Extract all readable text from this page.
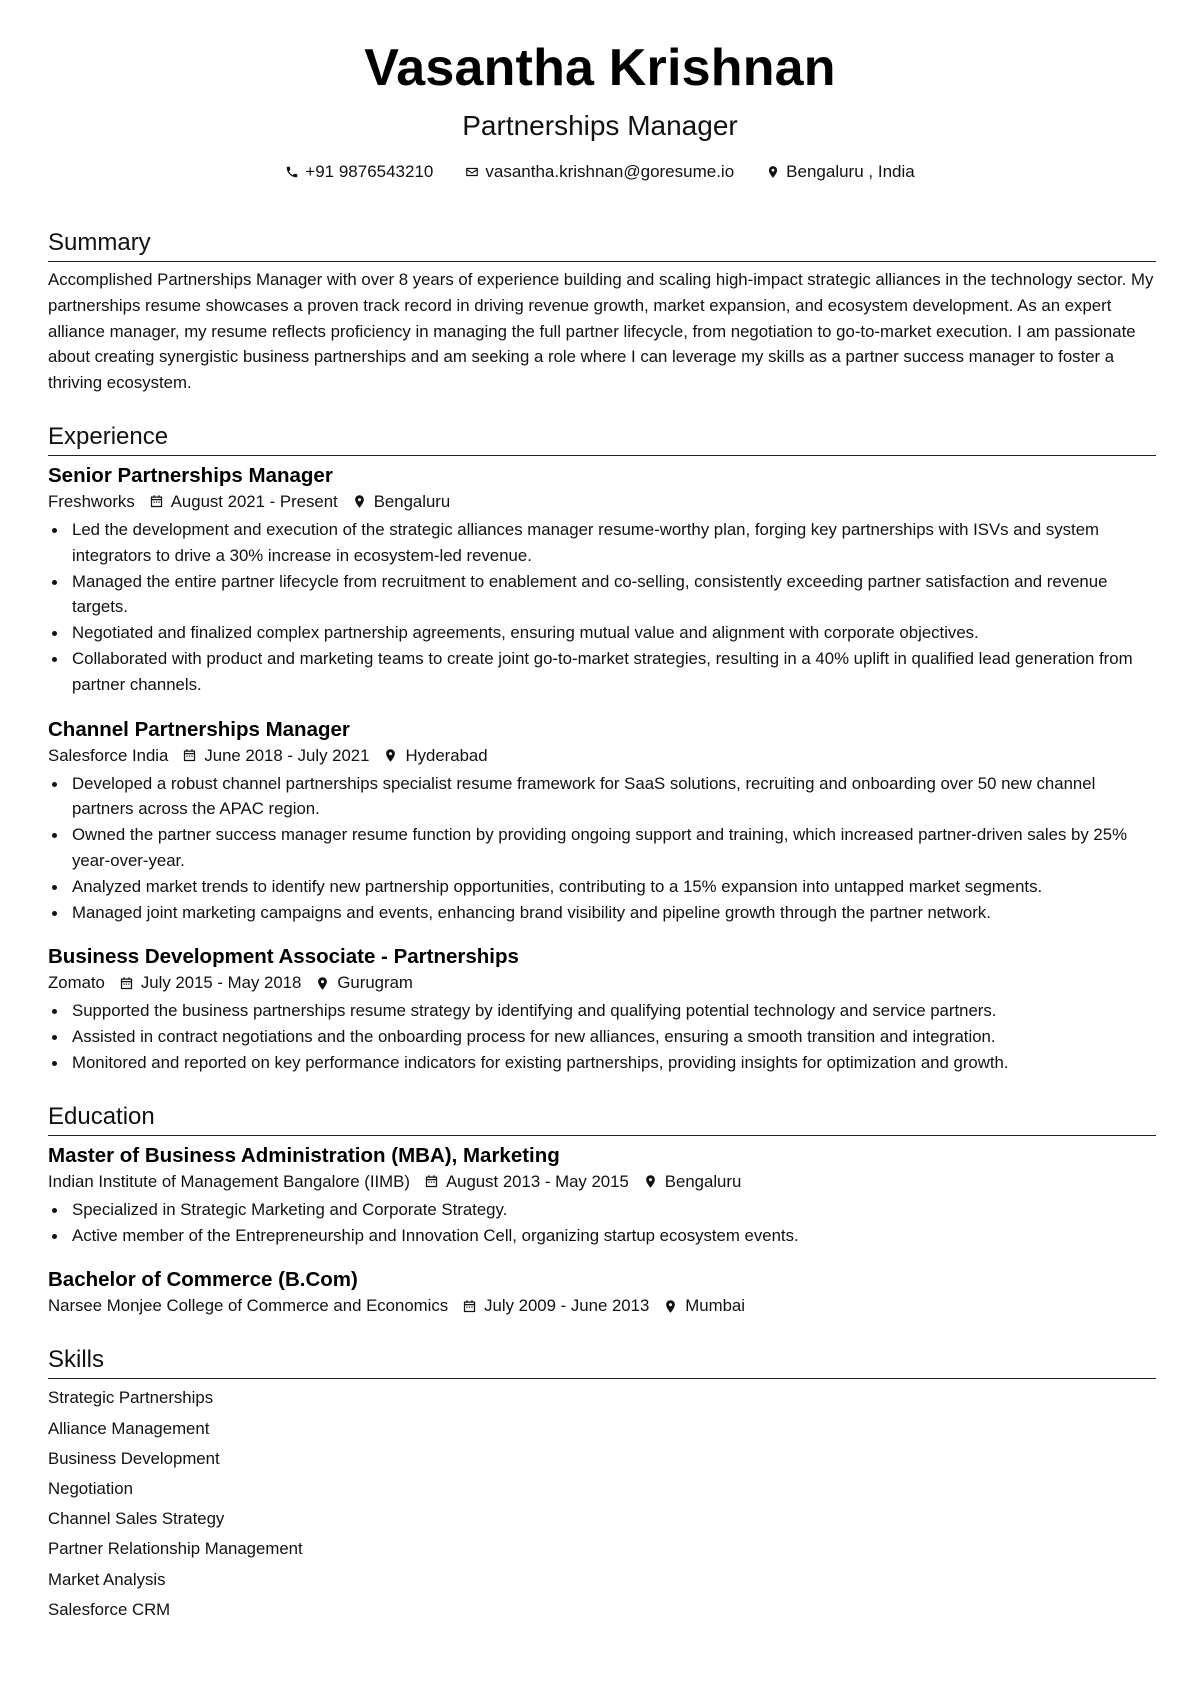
Vasantha Krishnan
Partnerships Manager
+91 9876543210	vasantha.krishnan@goresume.io	Bengaluru , India
Summary
Accomplished Partnerships Manager with over 8 years of experience building and scaling high-impact strategic alliances in the technology sector. My partnerships resume showcases a proven track record in driving revenue growth, market expansion, and ecosystem development. As an expert alliance manager, my resume reflects proficiency in managing the full partner lifecycle, from negotiation to go-to-market execution. I am passionate about creating synergistic business partnerships and am seeking a role where I can leverage my skills as a partner success manager to foster a thriving ecosystem.
Experience
Senior Partnerships Manager
Freshworks August 2021 - Present Bengaluru
Led the development and execution of the strategic alliances manager resume-worthy plan, forging key partnerships with ISVs and system integrators to drive a 30% increase in ecosystem-led revenue.
Managed the entire partner lifecycle from recruitment to enablement and co-selling, consistently exceeding partner satisfaction and revenue targets.
Negotiated and finalized complex partnership agreements, ensuring mutual value and alignment with corporate objectives.
Collaborated with product and marketing teams to create joint go-to-market strategies, resulting in a 40% uplift in qualified lead generation from partner channels.
Channel Partnerships Manager
Salesforce India June 2018 - July 2021 Hyderabad
Developed a robust channel partnerships specialist resume framework for SaaS solutions, recruiting and onboarding over 50 new channel partners across the APAC region.
Owned the partner success manager resume function by providing ongoing support and training, which increased partner-driven sales by 25% year-over-year.
Analyzed market trends to identify new partnership opportunities, contributing to a 15% expansion into untapped market segments.
Managed joint marketing campaigns and events, enhancing brand visibility and pipeline growth through the partner network.
Business Development Associate - Partnerships
Zomato July 2015 - May 2018 Gurugram
Supported the business partnerships resume strategy by identifying and qualifying potential technology and service partners.
Assisted in contract negotiations and the onboarding process for new alliances, ensuring a smooth transition and integration.
Monitored and reported on key performance indicators for existing partnerships, providing insights for optimization and growth.
Education
Master of Business Administration (MBA), Marketing
Indian Institute of Management Bangalore (IIMB) August 2013 - May 2015 Bengaluru
Specialized in Strategic Marketing and Corporate Strategy.
Active member of the Entrepreneurship and Innovation Cell, organizing startup ecosystem events.
Bachelor of Commerce (B.Com)
Narsee Monjee College of Commerce and Economics July 2009 - June 2013 Mumbai
Skills
Strategic Partnerships
Alliance Management
Business Development
Negotiation
Channel Sales Strategy
Partner Relationship Management
Market Analysis
Salesforce CRM
